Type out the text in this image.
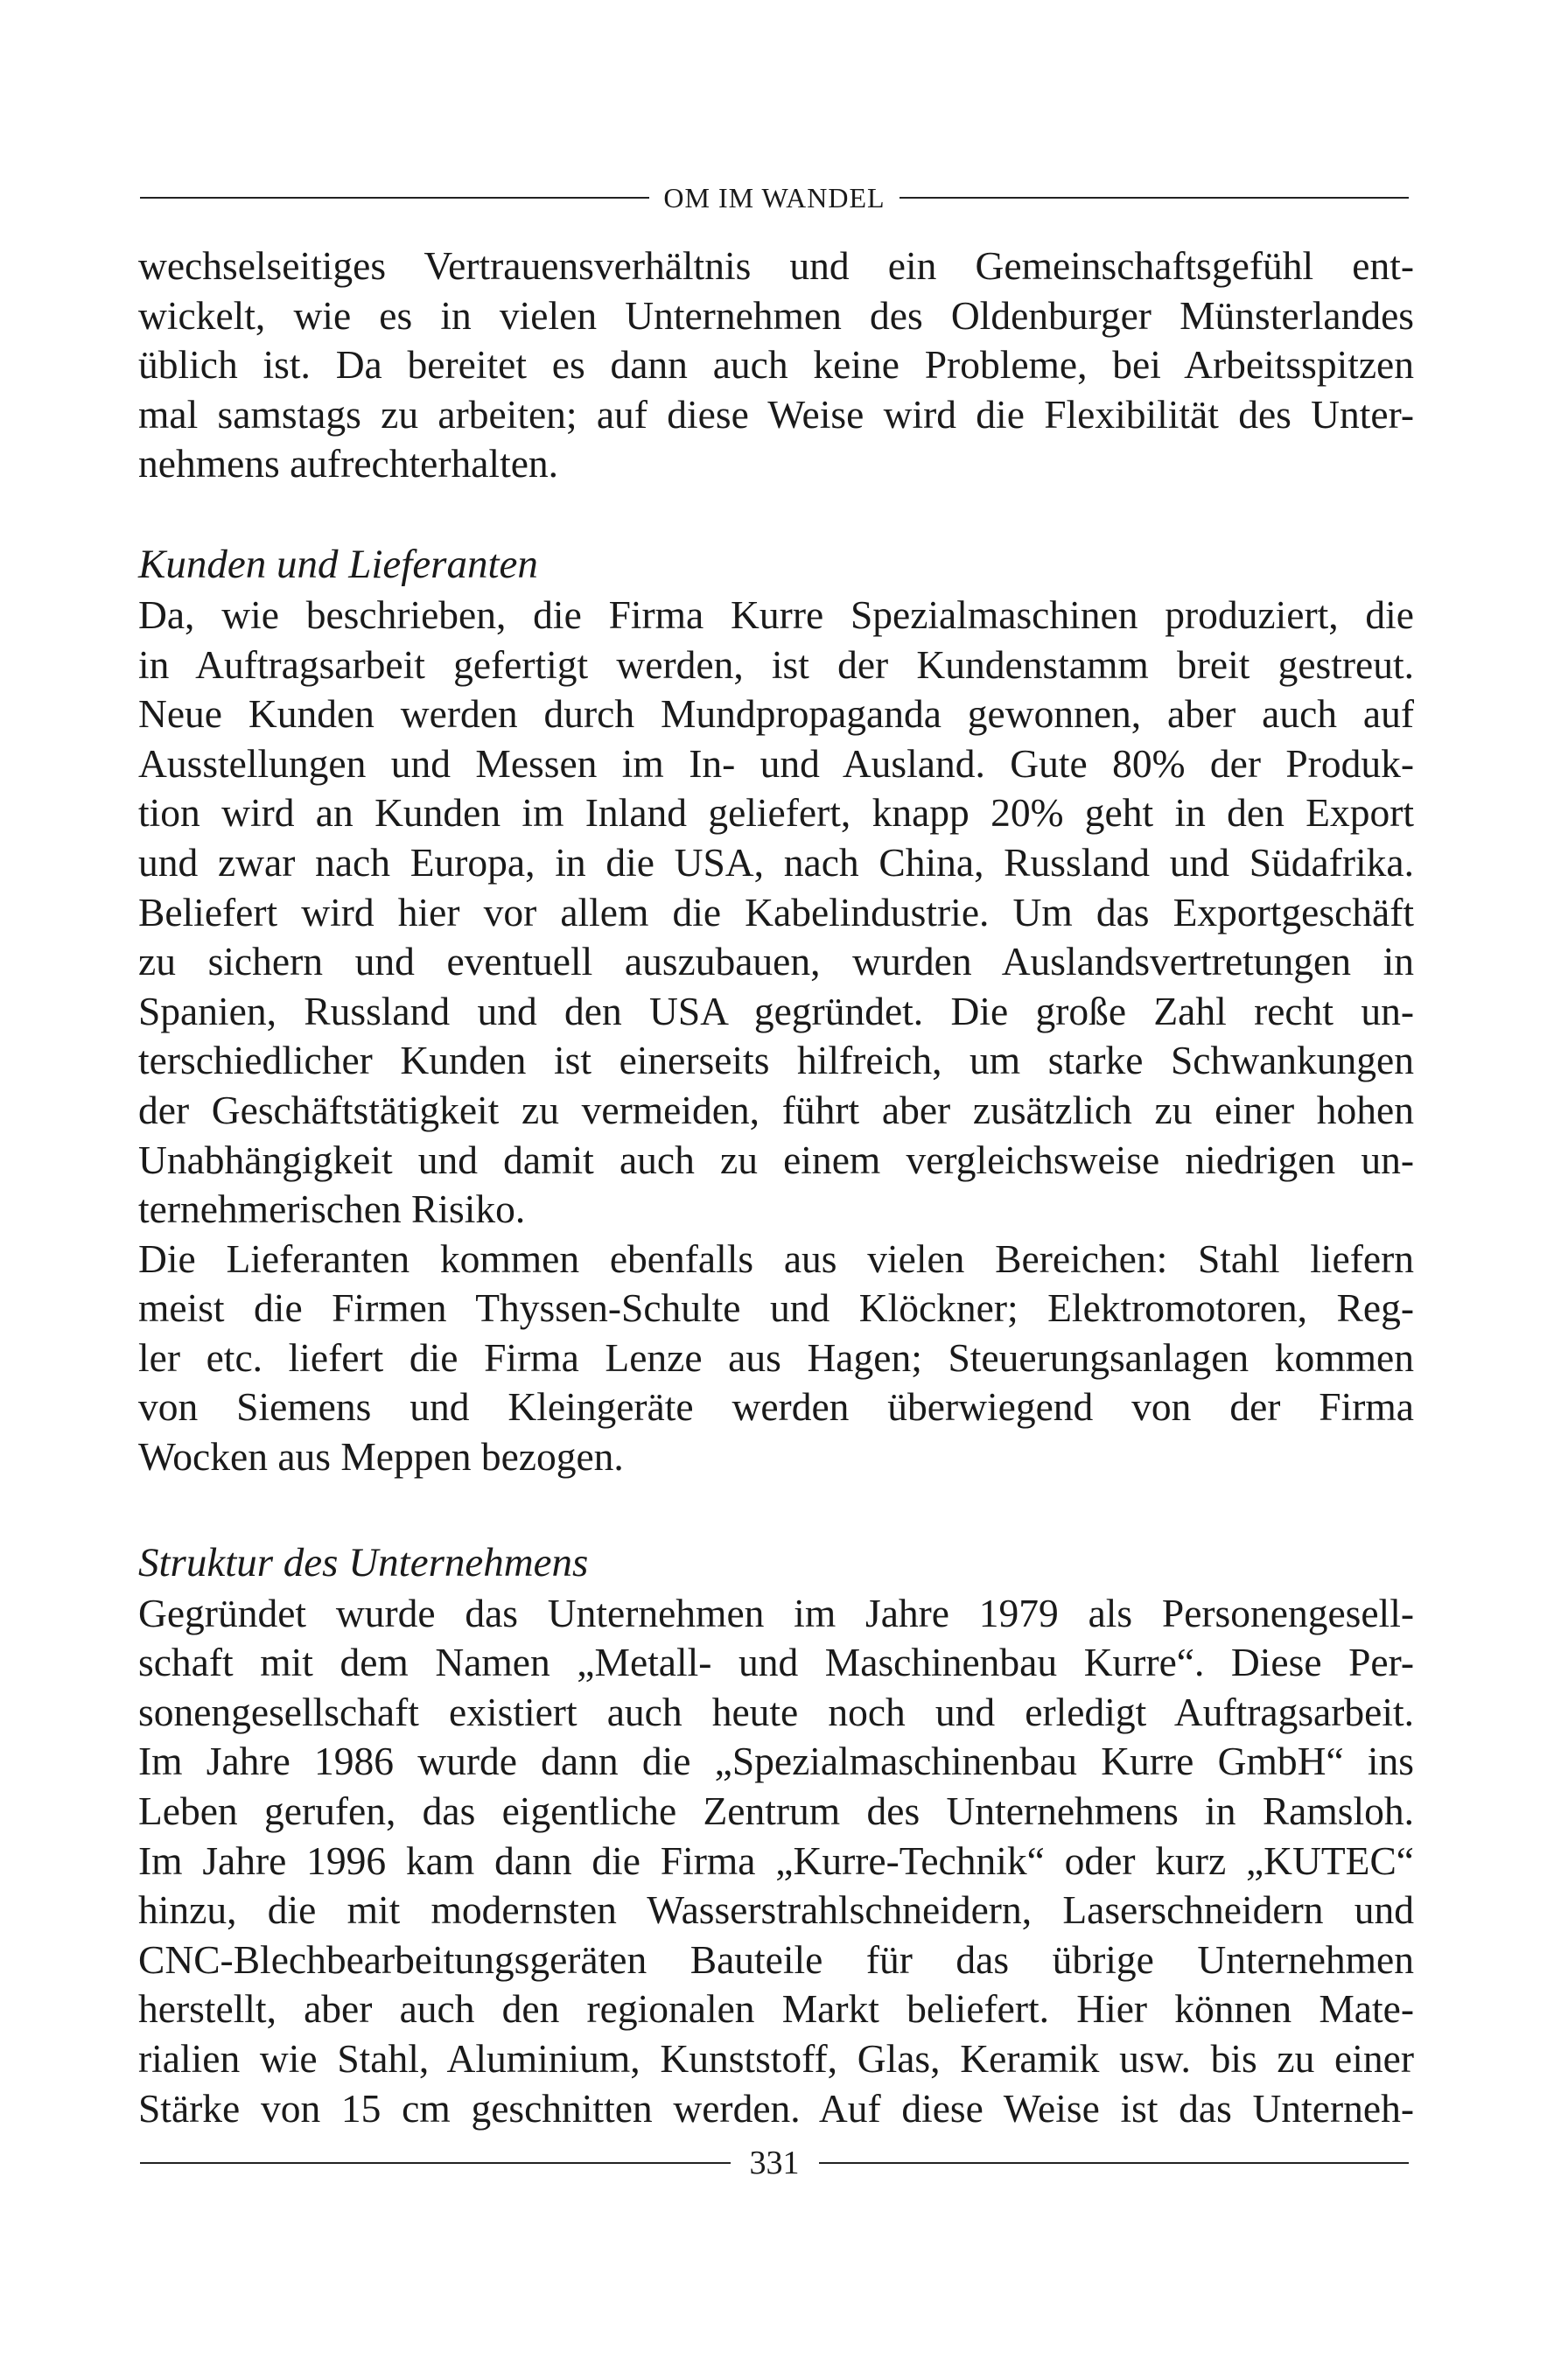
OM IM WANDEL
wechselseitiges Vertrauensverhältnis und ein Gemeinschaftsgefühl ent-
wickelt, wie es in vielen Unternehmen des Oldenburger Münsterlandes
üblich ist. Da bereitet es dann auch keine Probleme, bei Arbeitsspitzen
mal samstags zu arbeiten; auf diese Weise wird die Flexibilität des Unter-
nehmens aufrechterhalten.
Kunden und Lieferanten
Da, wie beschrieben, die Firma Kurre Spezialmaschinen produziert, die
in Auftragsarbeit gefertigt werden, ist der Kundenstamm breit gestreut.
Neue Kunden werden durch Mundpropaganda gewonnen, aber auch auf
Ausstellungen und Messen im In- und Ausland. Gute 80% der Produk-
tion wird an Kunden im Inland geliefert, knapp 20% geht in den Export
und zwar nach Europa, in die USA, nach China, Russland und Südafrika.
Beliefert wird hier vor allem die Kabelindustrie. Um das Exportgeschäft
zu sichern und eventuell auszubauen, wurden Auslandsvertretungen in
Spanien, Russland und den USA gegründet. Die große Zahl recht un-
terschiedlicher Kunden ist einerseits hilfreich, um starke Schwankungen
der Geschäftstätigkeit zu vermeiden, führt aber zusätzlich zu einer hohen
Unabhängigkeit und damit auch zu einem vergleichsweise niedrigen un-
ternehmerischen Risiko.
Die Lieferanten kommen ebenfalls aus vielen Bereichen: Stahl liefern
meist die Firmen Thyssen-Schulte und Klöckner; Elektromotoren, Reg-
ler etc. liefert die Firma Lenze aus Hagen; Steuerungsanlagen kommen
von Siemens und Kleingeräte werden überwiegend von der Firma
Wocken aus Meppen bezogen.
Struktur des Unternehmens
Gegründet wurde das Unternehmen im Jahre 1979 als Personengesell-
schaft mit dem Namen „Metall- und Maschinenbau Kurre“. Diese Per-
sonengesellschaft existiert auch heute noch und erledigt Auftragsarbeit.
Im Jahre 1986 wurde dann die „Spezialmaschinenbau Kurre GmbH“ ins
Leben gerufen, das eigentliche Zentrum des Unternehmens in Ramsloh.
Im Jahre 1996 kam dann die Firma „Kurre-Technik“ oder kurz „KUTEC“
hinzu, die mit modernsten Wasserstrahlschneidern, Laserschneidern und
CNC-Blechbearbeitungsgeräten Bauteile für das übrige Unternehmen
herstellt, aber auch den regionalen Markt beliefert. Hier können Mate-
rialien wie Stahl, Aluminium, Kunststoff, Glas, Keramik usw. bis zu einer
Stärke von 15 cm geschnitten werden. Auf diese Weise ist das Unterneh-
331
